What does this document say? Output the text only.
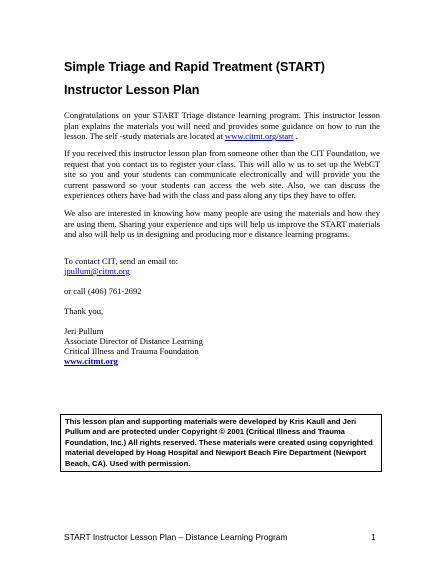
Simple Triage and Rapid Treatment (START)
Instructor Lesson Plan

Congratulations on your START Triage distance learning program. This instructor lesson plan explains the materials you will need and provides some guidance on how to run the lesson. The self -study materials are located at www.citmt.org/start .

If you received this instructor lesson plan from someone other than the CIT Foundation, we request that you contact us to register your class. This will allo w us to set up the WebCT site so you and your students can communicate electronically and will provide you the current password so your students can access the web site. Also, we can discuss the experiences others have had with the class and pass along any tips they have to offer.

We also are interested in knowing how many people are using the materials and how they are using them. Sharing your experience and tips will help us improve the START materials and also will help us in designing and producing mor e distance learning programs.

To contact CIT, send an email to:

jpullum@citmt.org

or call (406) 761-2692

Thank you,

Jeri Pullum

Associate Director of Distance Learning

Critical Illness and Trauma Foundation

www.citmt.org

This lesson plan and supporting materials were developed by Kris Kaull and Jeri Pullum and are protected under Copyright © 2001 (Critical Illness and Trauma Foundation, Inc.) All rights reserved. These materials were created using copyrighted material developed by Hoag Hospital and Newport Beach Fire Department (Newport Beach, CA). Used with permission.
START Instructor Lesson Plan – Distance Learning Program	1
